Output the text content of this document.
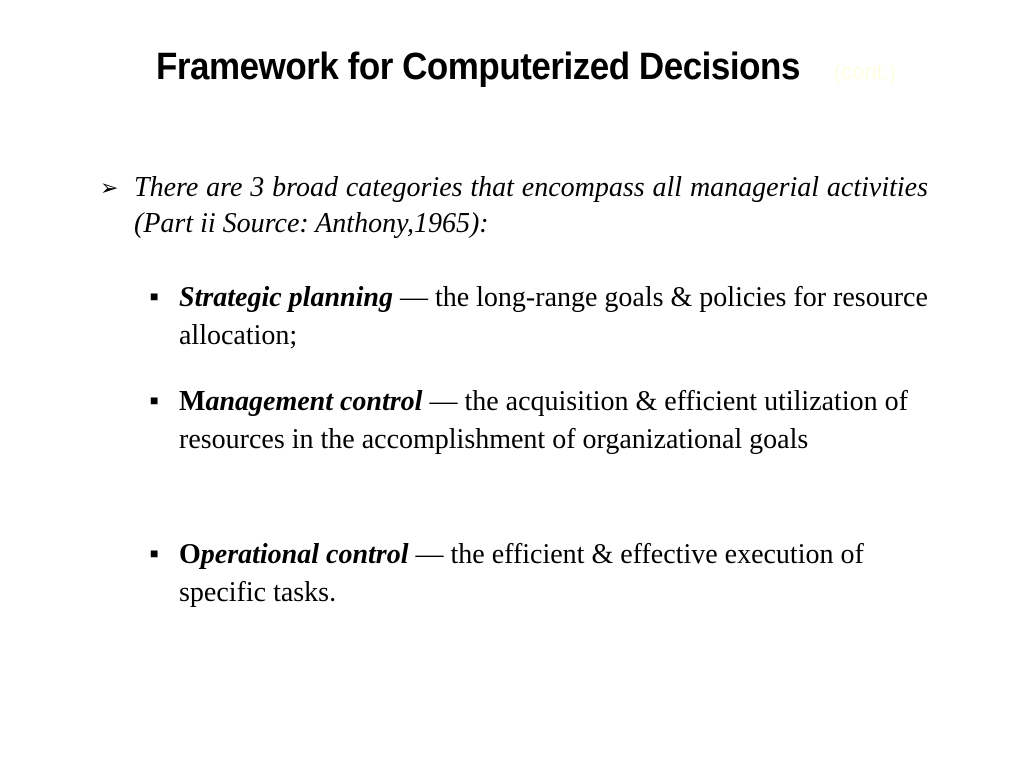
Framework for Computerized Decisions (cont.)
➢ There are 3 broad categories that encompass all managerial activities (Part ii Source: Anthony,1965):
■ Strategic planning — the long-range goals & policies for resource allocation;
■ Management control — the acquisition & efficient utilization of resources in the accomplishment of organizational goals
■ Operational control — the efficient & effective execution of specific tasks.
